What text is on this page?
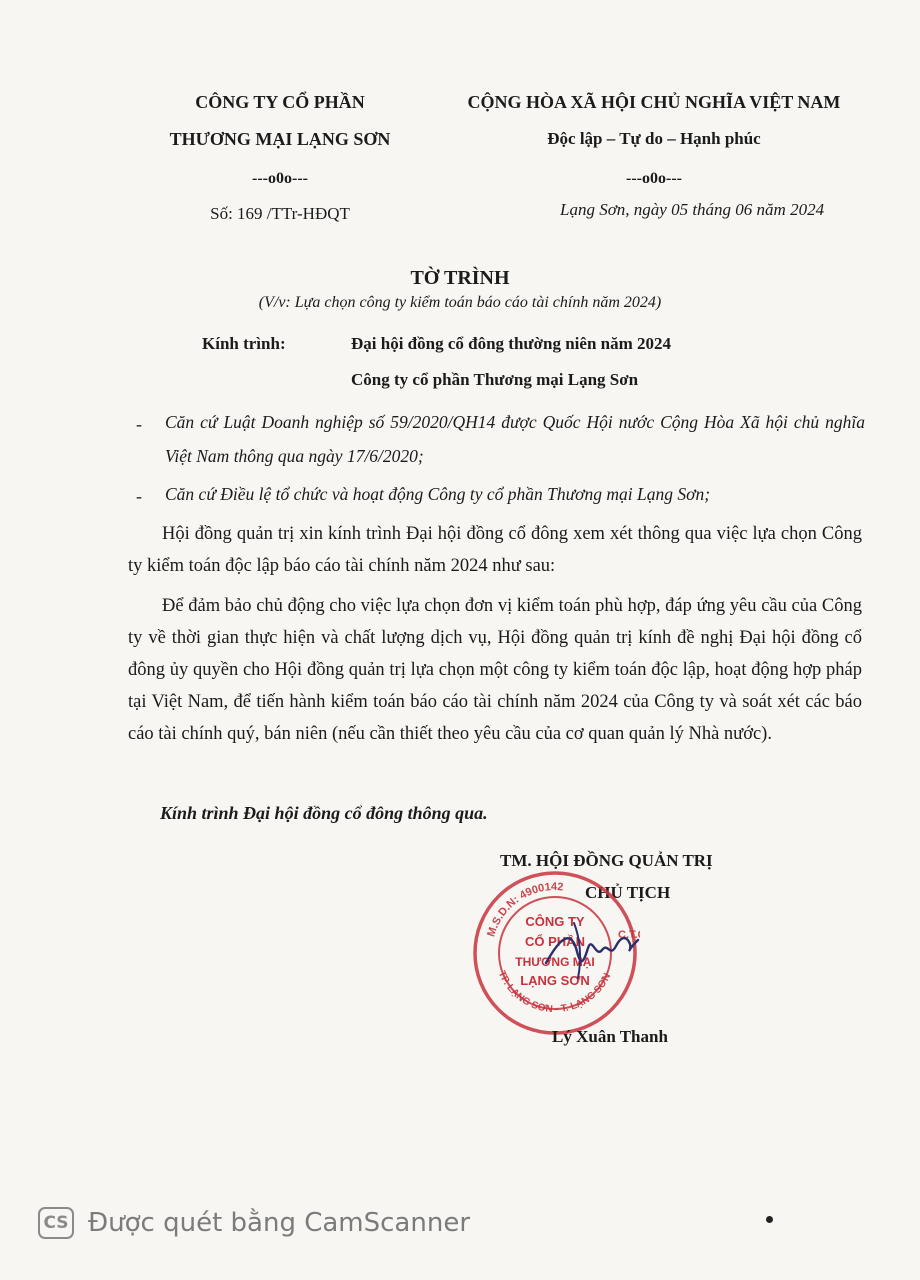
CÔNG TY CỔ PHẦN
THƯƠNG MẠI LẠNG SƠN
---o0o---
Số: 169 /TTr-HĐQT
CỘNG HÒA XÃ HỘI CHỦ NGHĨA VIỆT NAM
Độc lập – Tự do – Hạnh phúc
---o0o---
Lạng Sơn, ngày 05 tháng 06 năm 2024
TỜ TRÌNH
(V/v: Lựa chọn công ty kiểm toán báo cáo tài chính năm 2024)
Kính trình:	Đại hội đồng cổ đông thường niên năm 2024
Công ty cổ phần Thương mại Lạng Sơn
- Căn cứ Luật Doanh nghiệp số 59/2020/QH14 được Quốc Hội nước Cộng Hòa Xã hội chủ nghĩa Việt Nam thông qua ngày 17/6/2020;
- Căn cứ Điều lệ tổ chức và hoạt động Công ty cổ phần Thương mại Lạng Sơn;
Hội đồng quản trị xin kính trình Đại hội đồng cổ đông xem xét thông qua việc lựa chọn Công ty kiểm toán độc lập báo cáo tài chính năm 2024 như sau:
Để đảm bảo chủ động cho việc lựa chọn đơn vị kiểm toán phù hợp, đáp ứng yêu cầu của Công ty về thời gian thực hiện và chất lượng dịch vụ, Hội đồng quản trị kính đề nghị Đại hội đồng cổ đông ủy quyền cho Hội đồng quản trị lựa chọn một công ty kiểm toán độc lập, hoạt động hợp pháp tại Việt Nam, để tiến hành kiểm toán báo cáo tài chính năm 2024 của Công ty và soát xét các báo cáo tài chính quý, bán niên (nếu cần thiết theo yêu cầu của cơ quan quản lý Nhà nước).
Kính trình Đại hội đồng cổ đông thông qua.
TM. HỘI ĐỒNG QUẢN TRỊ
CHỦ TỊCH
M.S.D.N: 4900142
C.T.
TP. LẠNG SƠN - T. LẠNG SƠN
CÔNG TY
CỔ PHẦN
THƯƠNG MẠI
LẠNG SƠN
Lý Xuân Thanh
CS Được quét bằng CamScanner
